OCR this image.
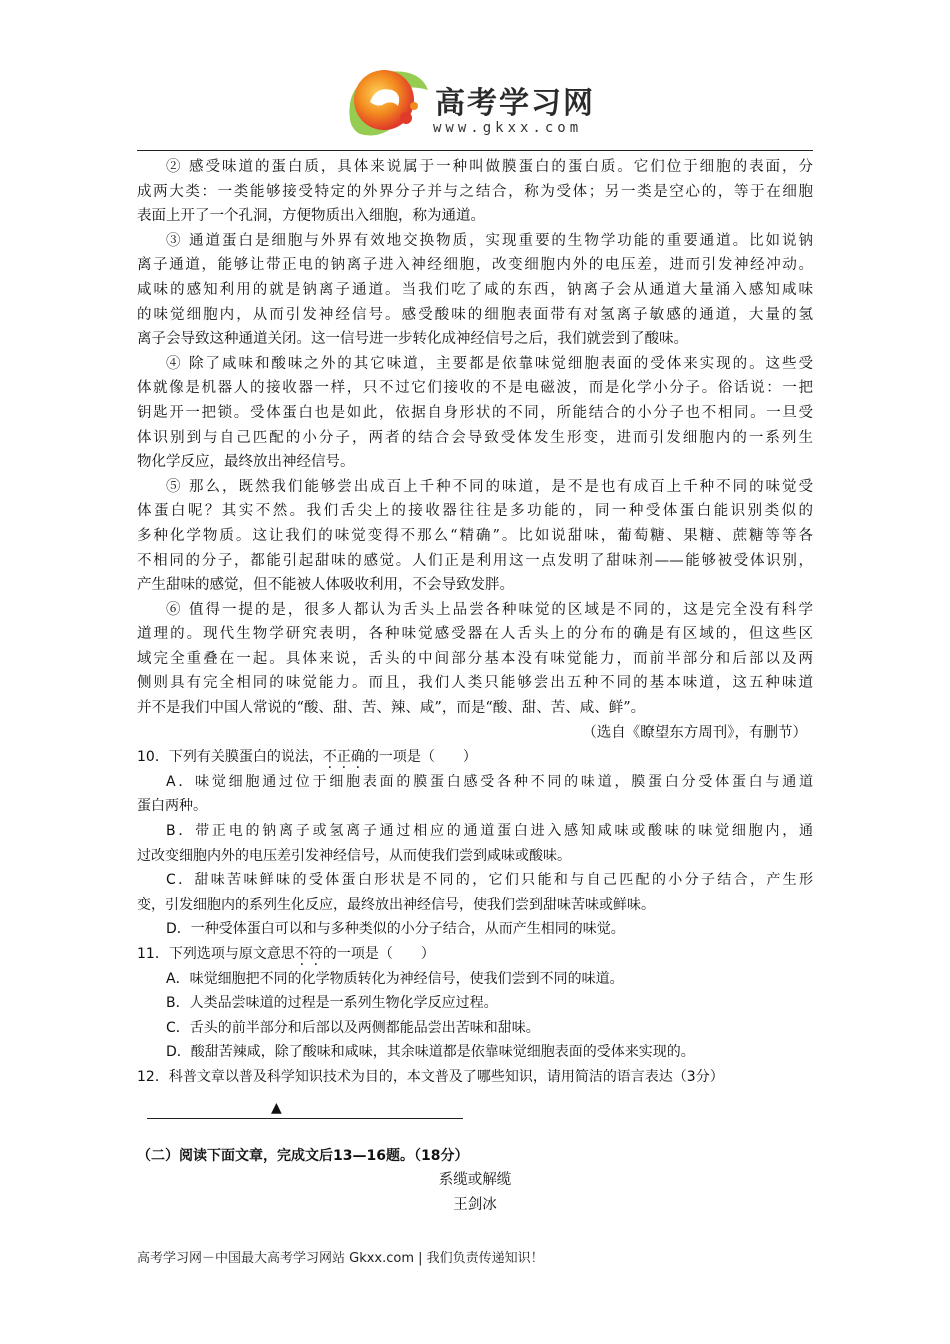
高考学习网
www.gkxx.com
② 感受味道的蛋白质，具体来说属于一种叫做膜蛋白的蛋白质。它们位于细胞的表面，分
成两大类：一类能够接受特定的外界分子并与之结合，称为受体；另一类是空心的，等于在细胞
表面上开了一个孔洞，方便物质出入细胞，称为通道。
③ 通道蛋白是细胞与外界有效地交换物质，实现重要的生物学功能的重要通道。比如说钠
离子通道，能够让带正电的钠离子进入神经细胞，改变细胞内外的电压差，进而引发神经冲动。
咸味的感知利用的就是钠离子通道。当我们吃了咸的东西，钠离子会从通道大量涌入感知咸味
的味觉细胞内，从而引发神经信号。感受酸味的细胞表面带有对氢离子敏感的通道，大量的氢
离子会导致这种通道关闭。这一信号进一步转化成神经信号之后，我们就尝到了酸味。
④ 除了咸味和酸味之外的其它味道，主要都是依靠味觉细胞表面的受体来实现的。这些受
体就像是机器人的接收器一样，只不过它们接收的不是电磁波，而是化学小分子。俗话说：一把
钥匙开一把锁。受体蛋白也是如此，依据自身形状的不同，所能结合的小分子也不相同。一旦受
体识别到与自己匹配的小分子，两者的结合会导致受体发生形变，进而引发细胞内的一系列生
物化学反应，最终放出神经信号。
⑤ 那么，既然我们能够尝出成百上千种不同的味道，是不是也有成百上千种不同的味觉受
体蛋白呢？其实不然。我们舌尖上的接收器往往是多功能的，同一种受体蛋白能识别类似的
多种化学物质。这让我们的味觉变得不那么“精确”。比如说甜味，葡萄糖、果糖、蔗糖等等各
不相同的分子，都能引起甜味的感觉。人们正是利用这一点发明了甜味剂——能够被受体识别，
产生甜味的感觉，但不能被人体吸收利用，不会导致发胖。
⑥ 值得一提的是，很多人都认为舌头上品尝各种味觉的区域是不同的，这是完全没有科学
道理的。现代生物学研究表明，各种味觉感受器在人舌头上的分布的确是有区域的，但这些区
域完全重叠在一起。具体来说，舌头的中间部分基本没有味觉能力，而前半部分和后部以及两
侧则具有完全相同的味觉能力。而且，我们人类只能够尝出五种不同的基本味道，这五种味道
并不是我们中国人常说的“酸、甜、苦、辣、咸”，而是“酸、甜、苦、咸、鲜”。
（选自《瞭望东方周刊》，有删节）
10．下列有关膜蛋白的说法，不正确的一项是（　　）
A．味觉细胞通过位于细胞表面的膜蛋白感受各种不同的味道，膜蛋白分受体蛋白与通道
蛋白两种。
B．带正电的钠离子或氢离子通过相应的通道蛋白进入感知咸味或酸味的味觉细胞内，通
过改变细胞内外的电压差引发神经信号，从而使我们尝到咸味或酸味。
C．甜味苦味鲜味的受体蛋白形状是不同的，它们只能和与自己匹配的小分子结合，产生形
变，引发细胞内的系列生化反应，最终放出神经信号，使我们尝到甜味苦味或鲜味。
D．一种受体蛋白可以和与多种类似的小分子结合，从而产生相同的味觉。
11．下列选项与原文意思不符的一项是（　　）
A．味觉细胞把不同的化学物质转化为神经信号，使我们尝到不同的味道。
B．人类品尝味道的过程是一系列生物化学反应过程。
C．舌头的前半部分和后部以及两侧都能品尝出苦味和甜味。
D．酸甜苦辣咸，除了酸味和咸味，其余味道都是依靠味觉细胞表面的受体来实现的。
12．科普文章以普及科学知识技术为目的，本文普及了哪些知识，请用简洁的语言表达（3分）
▲
（二）阅读下面文章，完成文后13—16题。（18分）
系缆或解缆
王剑冰
高考学习网－中国最大高考学习网站 Gkxx.com | 我们负责传递知识！
